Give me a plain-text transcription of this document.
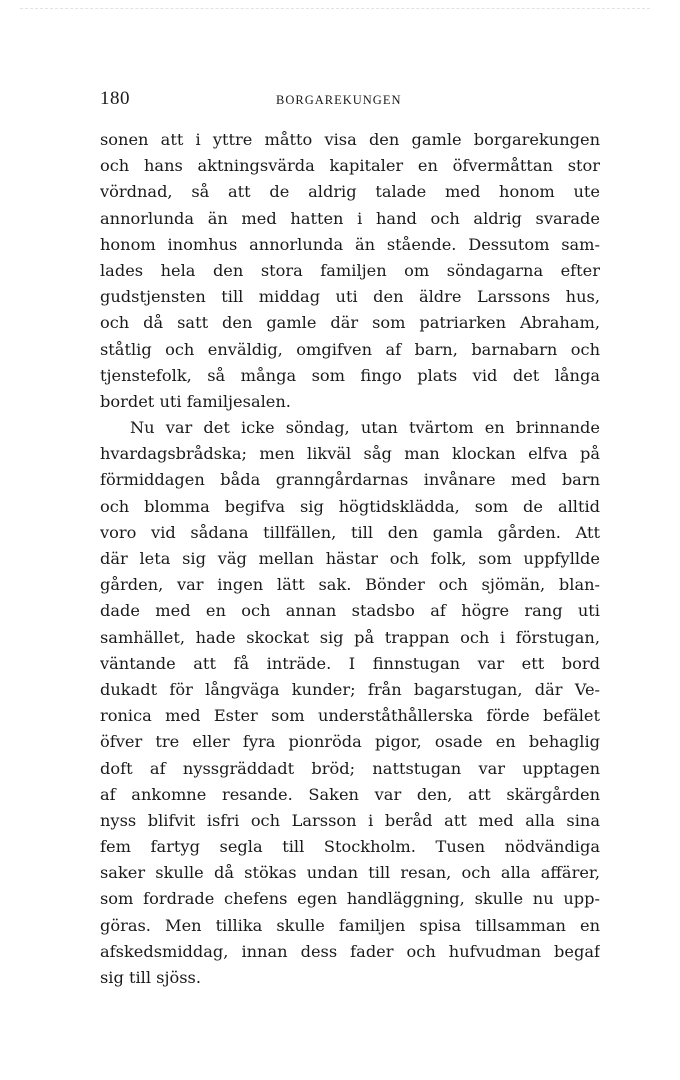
180	BORGAREKUNGEN
sonen att i yttre måtto visa den gamle borgarekungen
och hans aktningsvärda kapitaler en öfvermåttan stor
vördnad, så att de aldrig talade med honom ute
annorlunda än med hatten i hand och aldrig svarade
honom inomhus annorlunda än stående. Dessutom sam-
lades hela den stora familjen om söndagarna efter
gudstjensten till middag uti den äldre Larssons hus,
och då satt den gamle där som patriarken Abraham,
ståtlig och enväldig, omgifven af barn, barnabarn och
tjenstefolk, så många som fingo plats vid det långa
bordet uti familjesalen.
Nu var det icke söndag, utan tvärtom en brinnande
hvardagsbrådska; men likväl såg man klockan elfva på
förmiddagen båda granngårdarnas invånare med barn
och blomma begifva sig högtidsklädda, som de alltid
voro vid sådana tillfällen, till den gamla gården. Att
där leta sig väg mellan hästar och folk, som uppfyllde
gården, var ingen lätt sak. Bönder och sjömän, blan-
dade med en och annan stadsbo af högre rang uti
samhället, hade skockat sig på trappan och i förstugan,
väntande att få inträde. I finnstugan var ett bord
dukadt för långväga kunder; från bagarstugan, där Ve-
ronica med Ester som underståthållerska förde befälet
öfver tre eller fyra pionröda pigor, osade en behaglig
doft af nyssgräddadt bröd; nattstugan var upptagen
af ankomne resande. Saken var den, att skärgården
nyss blifvit isfri och Larsson i beråd att med alla sina
fem fartyg segla till Stockholm. Tusen nödvändiga
saker skulle då stökas undan till resan, och alla affärer,
som fordrade chefens egen handläggning, skulle nu upp-
göras. Men tillika skulle familjen spisa tillsamman en
afskedsmiddag, innan dess fader och hufvudman begaf
sig till sjöss.
